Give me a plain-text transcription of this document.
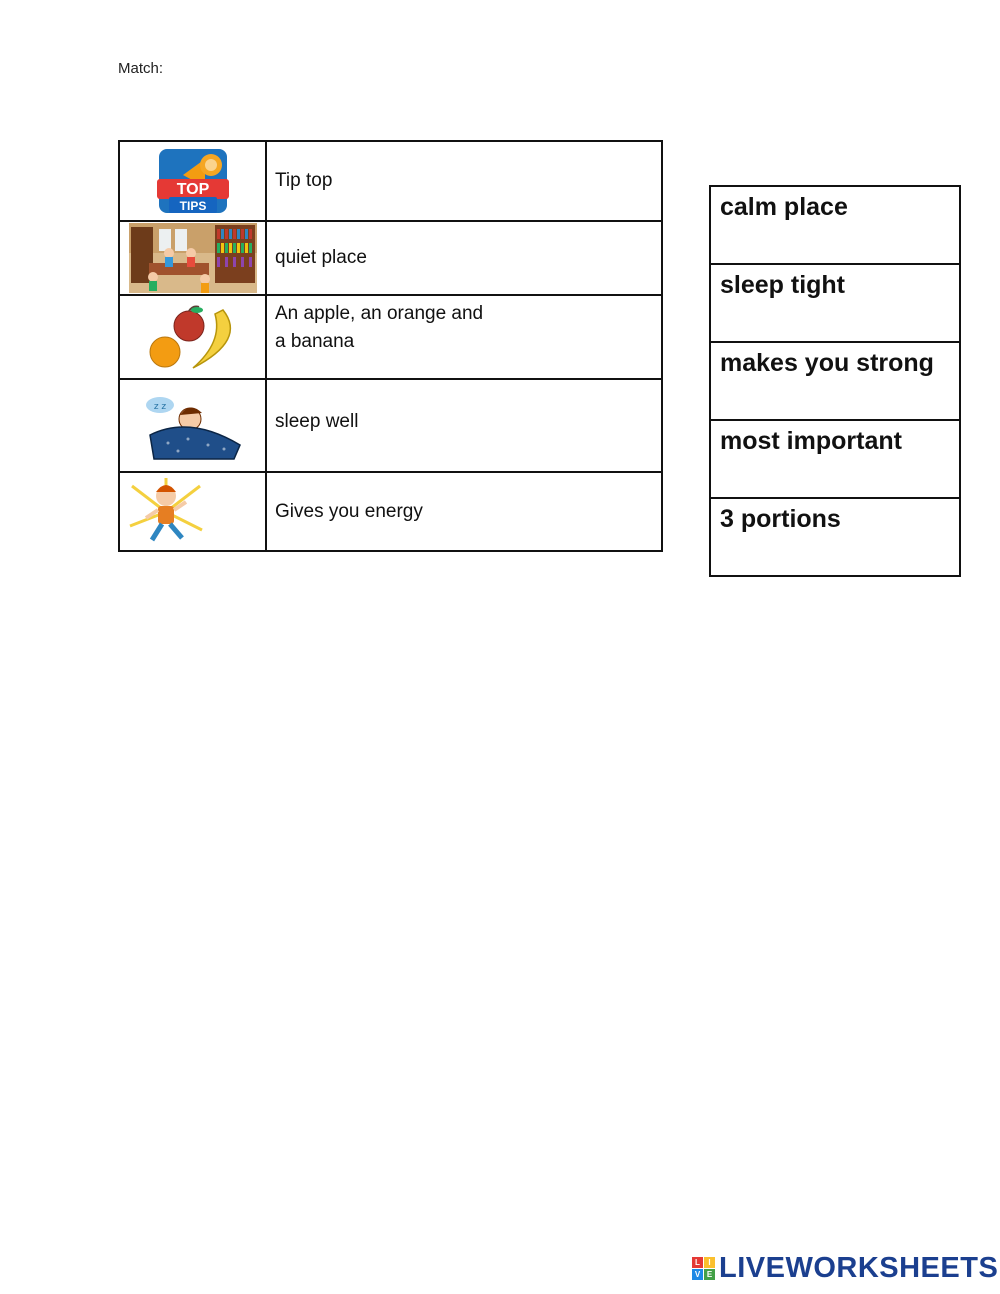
Match:
TOP
TIPS	Tip top

	quiet place

	An apple, an orange and
a banana

z z	sleep well

	Gives you energy
calm place
sleep tight
makes you strong
most important
3 portions
L	I
V E LIVEWORKSHEETS
